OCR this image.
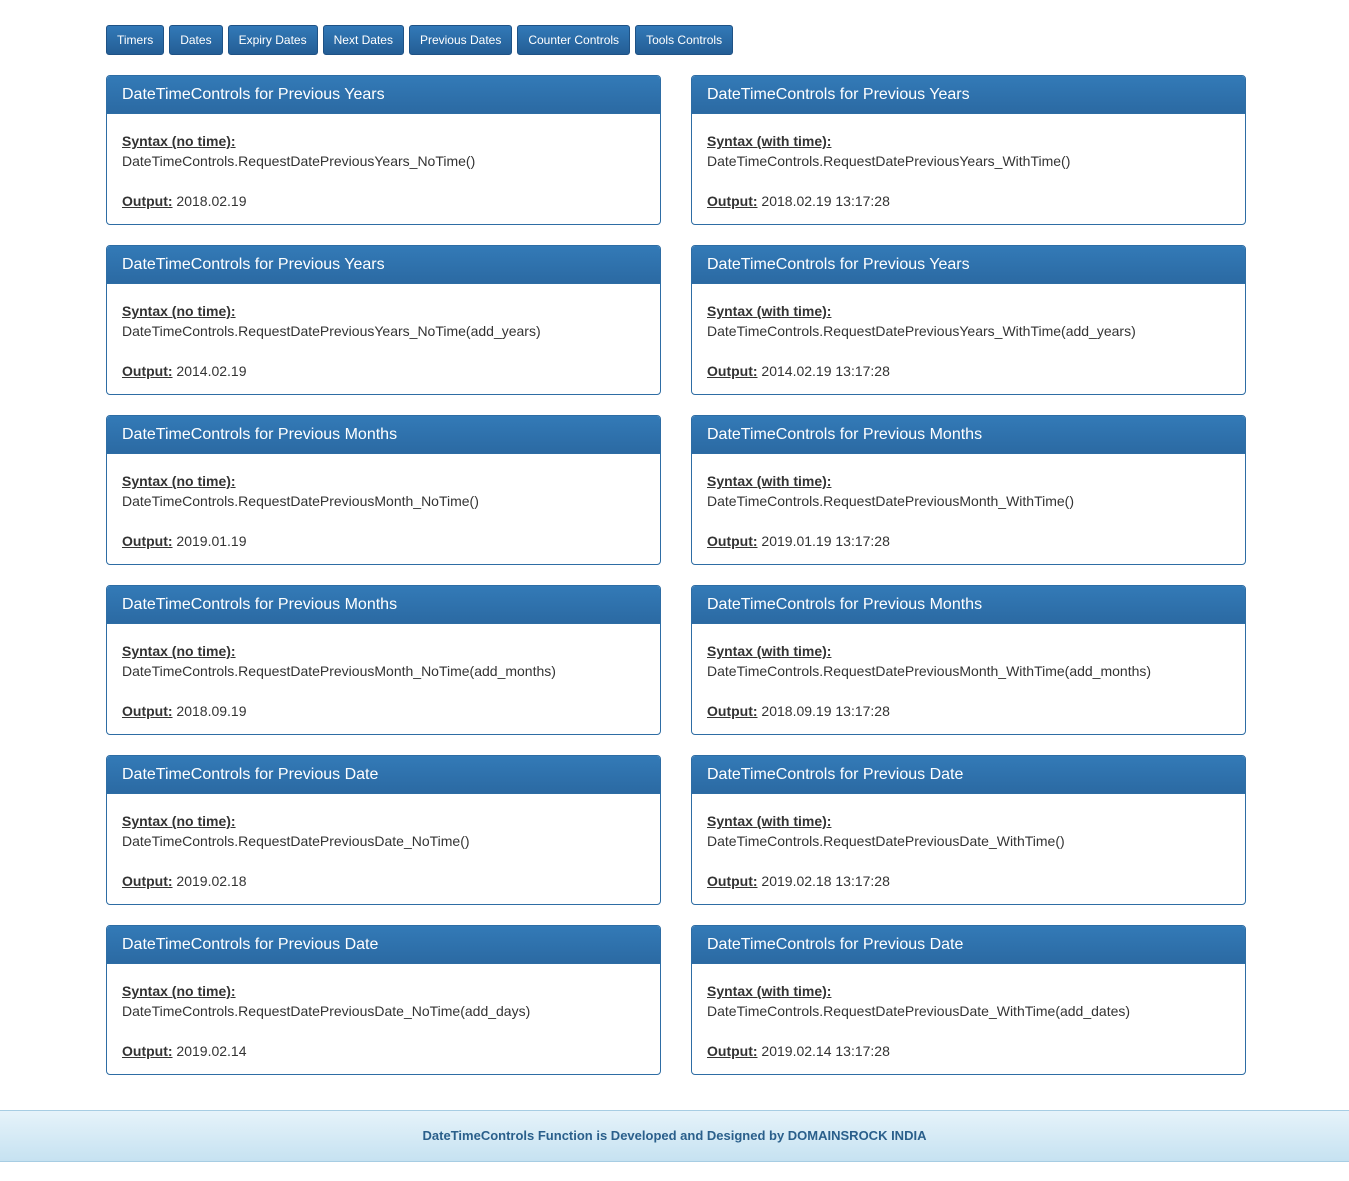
Timers	Dates	Expiry Dates	Next Dates	Previous Dates	Counter Controls	Tools Controls
DateTimeControls for Previous Years
Syntax (no time):
DateTimeControls.RequestDatePreviousYears_NoTime()
Output: 2018.02.19
DateTimeControls for Previous Years
Syntax (with time):
DateTimeControls.RequestDatePreviousYears_WithTime()
Output: 2018.02.19 13:17:28
DateTimeControls for Previous Years
Syntax (no time):
DateTimeControls.RequestDatePreviousYears_NoTime(add_years)
Output: 2014.02.19
DateTimeControls for Previous Years
Syntax (with time):
DateTimeControls.RequestDatePreviousYears_WithTime(add_years)
Output: 2014.02.19 13:17:28
DateTimeControls for Previous Months
Syntax (no time):
DateTimeControls.RequestDatePreviousMonth_NoTime()
Output: 2019.01.19
DateTimeControls for Previous Months
Syntax (with time):
DateTimeControls.RequestDatePreviousMonth_WithTime()
Output: 2019.01.19 13:17:28
DateTimeControls for Previous Months
Syntax (no time):
DateTimeControls.RequestDatePreviousMonth_NoTime(add_months)
Output: 2018.09.19
DateTimeControls for Previous Months
Syntax (with time):
DateTimeControls.RequestDatePreviousMonth_WithTime(add_months)
Output: 2018.09.19 13:17:28
DateTimeControls for Previous Date
Syntax (no time):
DateTimeControls.RequestDatePreviousDate_NoTime()
Output: 2019.02.18
DateTimeControls for Previous Date
Syntax (with time):
DateTimeControls.RequestDatePreviousDate_WithTime()
Output: 2019.02.18 13:17:28
DateTimeControls for Previous Date
Syntax (no time):
DateTimeControls.RequestDatePreviousDate_NoTime(add_days)
Output: 2019.02.14
DateTimeControls for Previous Date
Syntax (with time):
DateTimeControls.RequestDatePreviousDate_WithTime(add_dates)
Output: 2019.02.14 13:17:28
DateTimeControls Function is Developed and Designed by DOMAINSROCK INDIA
